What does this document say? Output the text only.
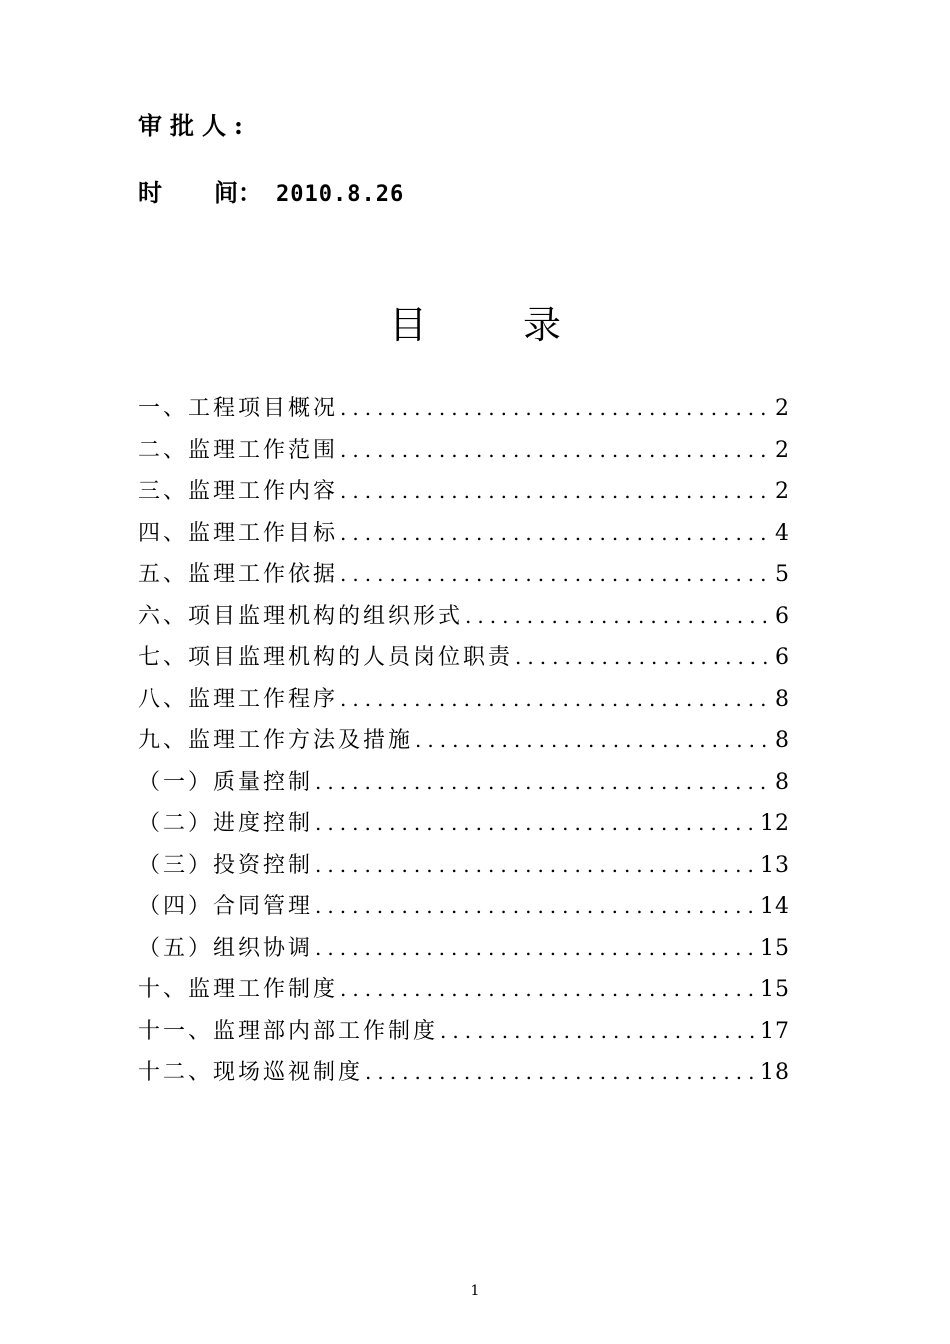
审批人:
时 间： 2010.8.26
目	录
一、工程项目概况 .....	2
二、监理工作范围 .....	2
三、监理工作内容 .....	2
四、监理工作目标 .....	4
五、监理工作依据 .....	5
六、项目监理机构的组织形式 .....	6
七、项目监理机构的人员岗位职责 .....	6
八、监理工作程序 .....	8
九、监理工作方法及措施 .....	8
（一）质量控制 .....	8
（二）进度控制 .....	12
（三）投资控制 .....	13
（四）合同管理 .....	14
（五）组织协调 .....	15
十、监理工作制度 .....	15
十一、监理部内部工作制度 .....	17
十二、现场巡视制度 .....	18
1
